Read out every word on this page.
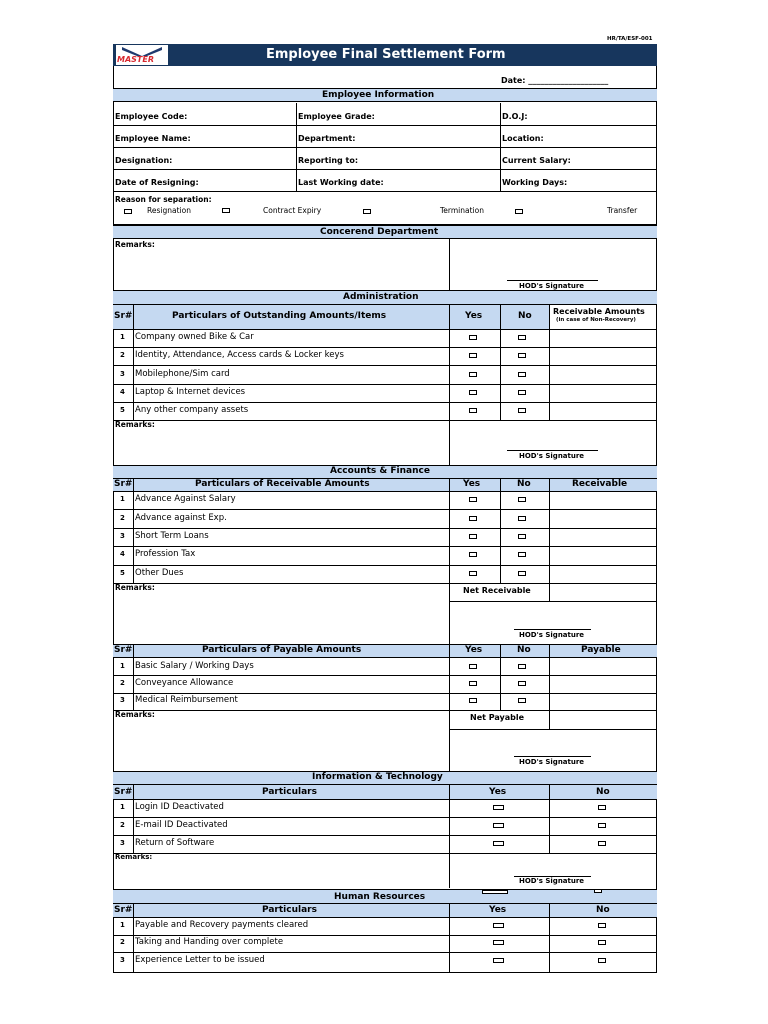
HR/TA/ESF-001
MASTER	Employee Final Settlement Form
Date: ____________________
Employee Information
Employee Code:	Employee Grade:	D.O.J:
Employee Name:	Department:	Location:
Designation:	Reporting to:	Current Salary:
Date of Resigning:	Last Working date:	Working Days:
Reason for separation:
Resignation	Contract Expiry	Termination	Transfer
Concerend Department
Remarks:
HOD's Signature
Administration
Sr#	Particulars of Outstanding Amounts/Items	Yes	No	Receivable Amounts
(in case of Non-Recovery)
1 Company owned Bike & Car
2 Identity, Attendance, Access cards & Locker keys
3 Mobilephone/Sim card
4 Laptop & Internet devices
5 Any other company assets
Remarks:
HOD's Signature
Accounts & Finance
Sr#	Particulars of Receivable Amounts	Yes	No	Receivable
1 Advance Against Salary
2 Advance against Exp.
3 Short Term Loans
4 Profession Tax
5 Other Dues
Remarks:	Net Receivable
HOD's Signature
Sr#	Particulars of Payable Amounts	Yes	No	Payable
1 Basic Salary / Working Days
2 Conveyance Allowance
3 Medical Reimbursement
Remarks:	Net Payable
HOD's Signature
Information & Technology
Sr#	Particulars	Yes	No
1 Login ID Deactivated
2 E-mail ID Deactivated
3 Return of Software
Remarks:
HOD's Signature
Human Resources
Sr#	Particulars	Yes	No
1 Payable and Recovery payments cleared
2 Taking and Handing over complete
3 Experience Letter to be issued
